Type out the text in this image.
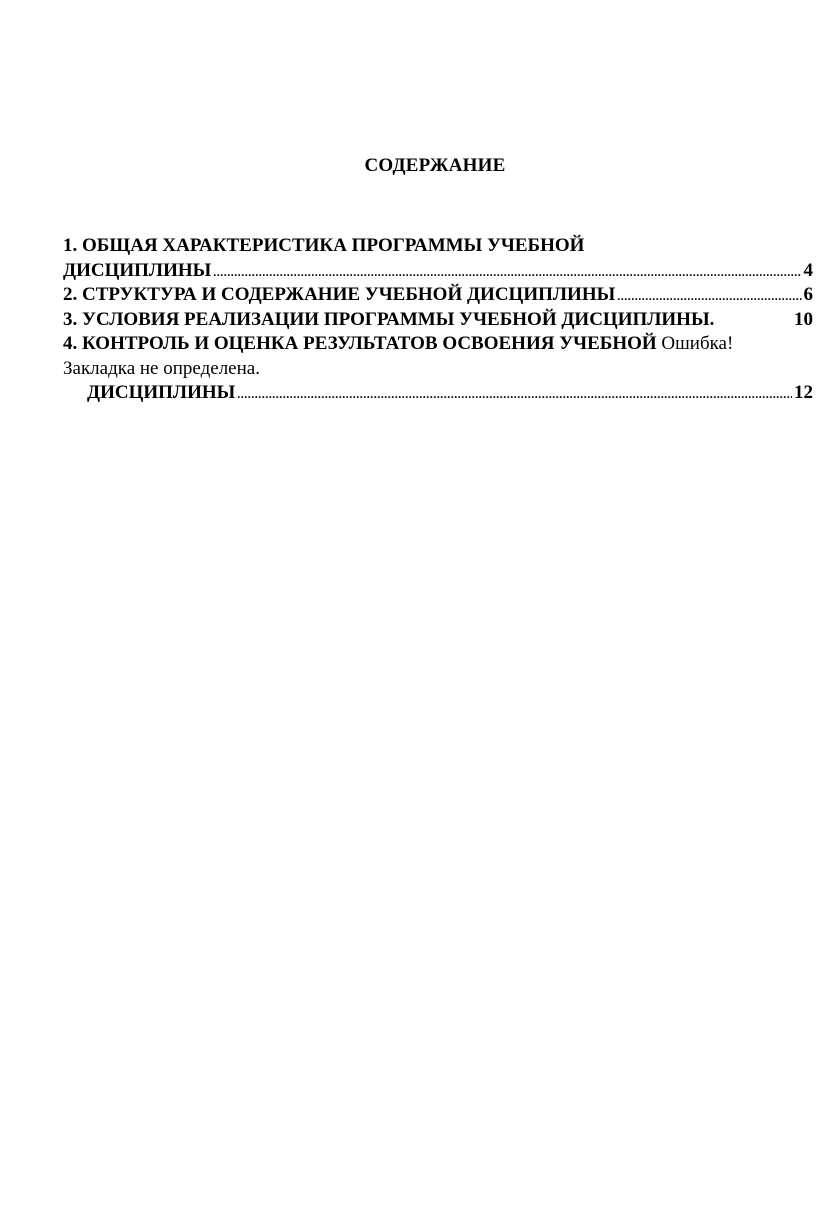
СОДЕРЖАНИЕ
1. ОБЩАЯ ХАРАКТЕРИСТИКА ПРОГРАММЫ УЧЕБНОЙ
ДИСЦИПЛИНЫ .....	4
2. СТРУКТУРА И СОДЕРЖАНИЕ УЧЕБНОЙ ДИСЦИПЛИНЫ .....	6
3. УСЛОВИЯ РЕАЛИЗАЦИИ ПРОГРАММЫ УЧЕБНОЙ ДИСЦИПЛИНЫ.	10
4. КОНТРОЛЬ И ОЦЕНКА РЕЗУЛЬТАТОВ ОСВОЕНИЯ УЧЕБНОЙ Ошибка!
Закладка не определена.
ДИСЦИПЛИНЫ .....	12
